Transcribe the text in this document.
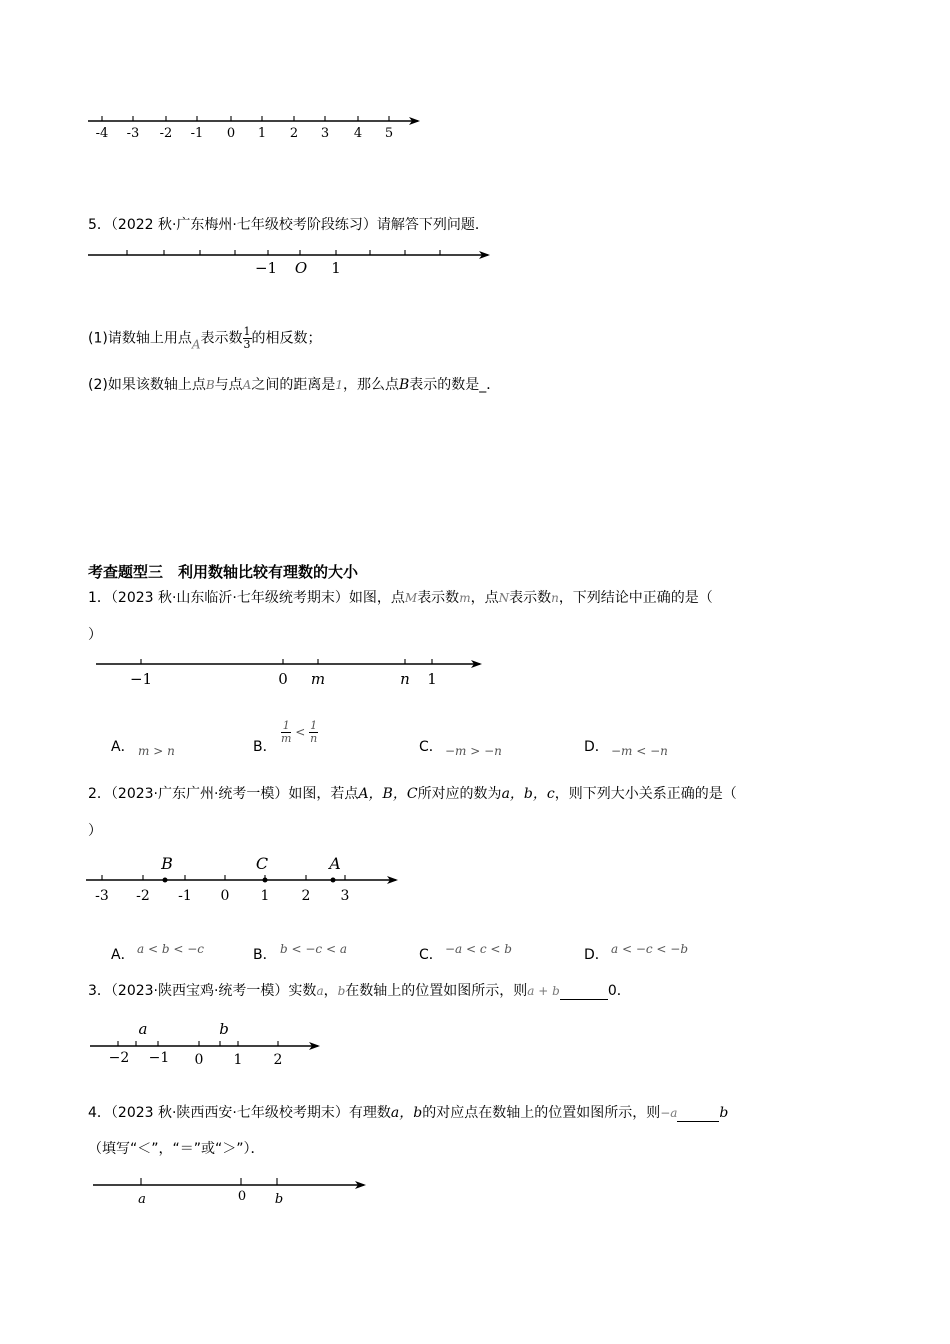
-4 -3 -2 -1 0 1 2 3 4 5
−1 O 1
−1	0 m	n 1
-3 -2 -1 0 1 2 3
B	C	A
−2 −1 0 1 2
a	b
a	0 b
5．（2022 秋·广东梅州·七年级校考阶段练习）请解答下列问题．
(1)请数轴上用点A表示数 $\frac{1}{3}$ 的相反数；
(2)如果该数轴上点B与点A之间的距离是1，那么点B表示的数是_．
考查题型三　利用数轴比较有理数的大小
1．（2023 秋·山东临沂·七年级统考期末）如图，点M表示数m，点N表示数n，下列结论中正确的是（
）
A． m > n	B．
$\frac{1}{m} < \frac{1}{n}$
C． −m > −n	D． −m < −n
2．（2023·广东广州·统考一模）如图，若点A，B，C所对应的数为a，b，c，则下列大小关系正确的是（
）
A． a < b < −c	B． b < −c < a	C． −a < c < b	D． a < −c < −b
3．（2023·陕西宝鸡·统考一模）实数a，b在数轴上的位置如图所示，则a + b	0．
4．（2023 秋·陕西西安·七年级校考期末）有理数a，b的对应点在数轴上的位置如图所示，则−a	b
（填写“＜”，“＝”或“＞”）．
